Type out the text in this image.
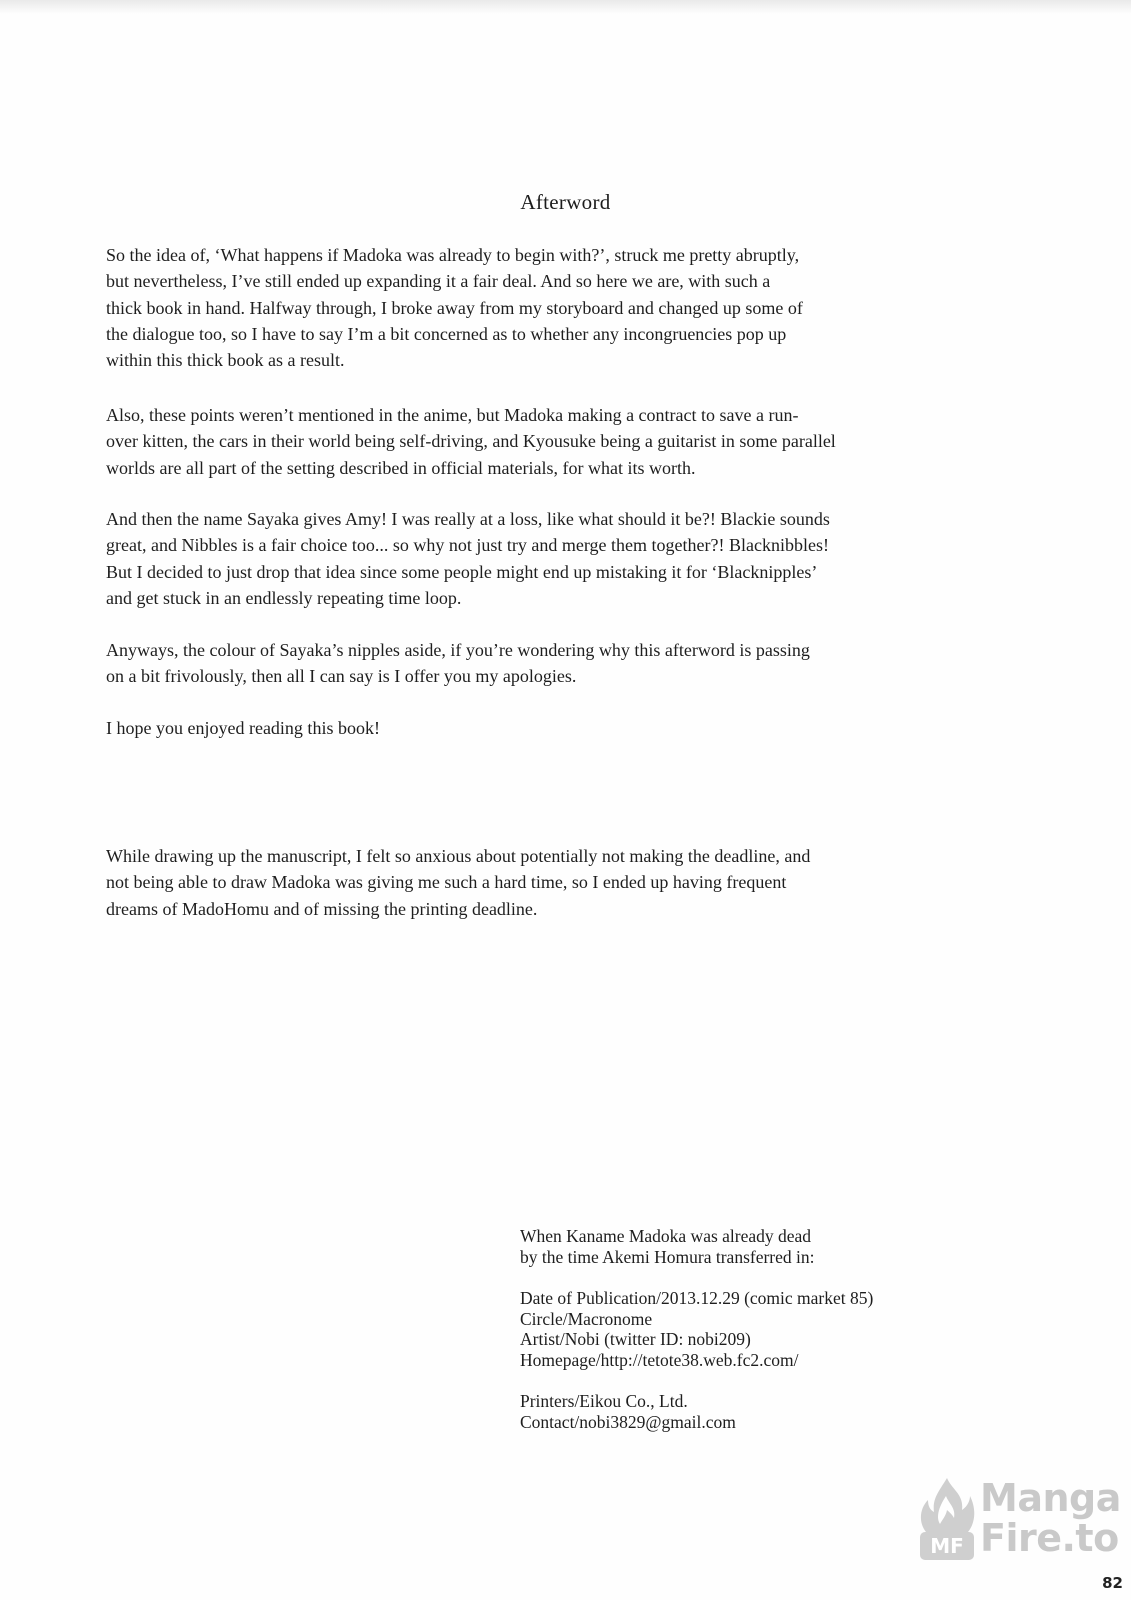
Afterword

So the idea of, ‘What happens if Madoka was already to begin with?’, struck me pretty abruptly,
but nevertheless, I’ve still ended up expanding it a fair deal. And so here we are, with such a
thick book in hand. Halfway through, I broke away from my storyboard and changed up some of
the dialogue too, so I have to say I’m a bit concerned as to whether any incongruencies pop up
within this thick book as a result.

Also, these points weren’t mentioned in the anime, but Madoka making a contract to save a run-
over kitten, the cars in their world being self-driving, and Kyousuke being a guitarist in some parallel
worlds are all part of the setting described in official materials, for what its worth.

And then the name Sayaka gives Amy! I was really at a loss, like what should it be?! Blackie sounds
great, and Nibbles is a fair choice too... so why not just try and merge them together?! Blacknibbles!
But I decided to just drop that idea since some people might end up mistaking it for ‘Blacknipples’
and get stuck in an endlessly repeating time loop.

Anyways, the colour of Sayaka’s nipples aside, if you’re wondering why this afterword is passing
on a bit frivolously, then all I can say is I offer you my apologies.

I hope you enjoyed reading this book!

While drawing up the manuscript, I felt so anxious about potentially not making the deadline, and
not being able to draw Madoka was giving me such a hard time, so I ended up having frequent
dreams of MadoHomu and of missing the printing deadline.

When Kaname Madoka was already dead
by the time Akemi Homura transferred in:
Date of Publication/2013.12.29 (comic market 85)
Circle/Macronome
Artist/Nobi (twitter ID: nobi209)
Homepage/http://tetote38.web.fc2.com/
Printers/Eikou Co., Ltd.
Contact/nobi3829@gmail.com
MF
Manga
Fire.to
82
